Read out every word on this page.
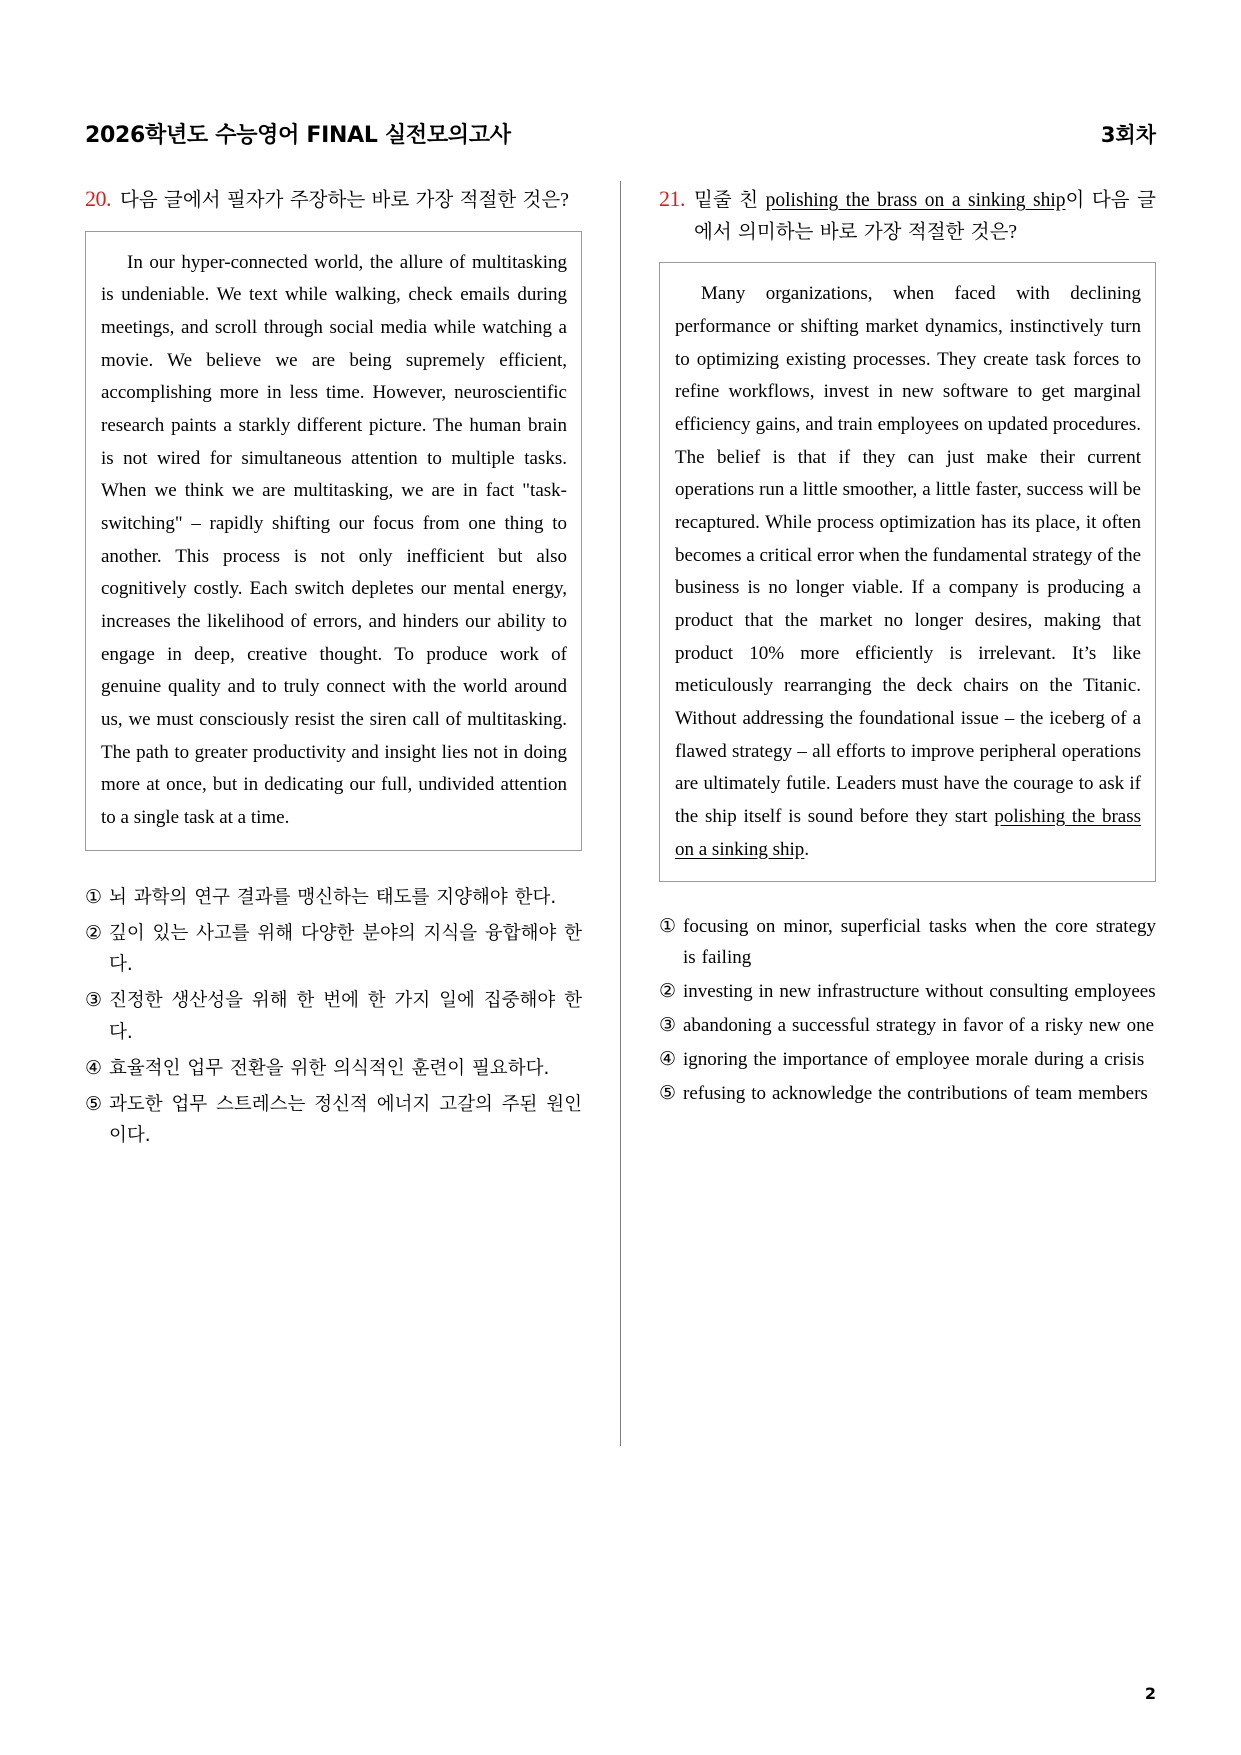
2026학년도 수능영어 FINAL 실전모의고사	3회차
20. 다음 글에서 필자가 주장하는 바로 가장 적절한 것은?

In our hyper-connected world, the allure of multitasking is undeniable. We text while walking, check emails during meetings, and scroll through social media while watching a movie. We believe we are being supremely efficient, accomplishing more in less time. However, neuroscientific research paints a starkly different picture. The human brain is not wired for simultaneous attention to multiple tasks. When we think we are multitasking, we are in fact "task-switching" – rapidly shifting our focus from one thing to another. This process is not only inefficient but also cognitively costly. Each switch depletes our mental energy, increases the likelihood of errors, and hinders our ability to engage in deep, creative thought. To produce work of genuine quality and to truly connect with the world around us, we must consciously resist the siren call of multitasking. The path to greater productivity and insight lies not in doing more at once, but in dedicating our full, undivided attention to a single task at a time.

① 뇌 과학의 연구 결과를 맹신하는 태도를 지양해야 한다.
② 깊이 있는 사고를 위해 다양한 분야의 지식을 융합해야 한다.
③ 진정한 생산성을 위해 한 번에 한 가지 일에 집중해야 한다.
④ 효율적인 업무 전환을 위한 의식적인 훈련이 필요하다.
⑤ 과도한 업무 스트레스는 정신적 에너지 고갈의 주된 원인이다.
21. 밑줄 친 polishing the brass on a sinking ship이 다음 글에서 의미하는 바로 가장 적절한 것은?

Many organizations, when faced with declining performance or shifting market dynamics, instinctively turn to optimizing existing processes. They create task forces to refine workflows, invest in new software to get marginal efficiency gains, and train employees on updated procedures. The belief is that if they can just make their current operations run a little smoother, a little faster, success will be recaptured. While process optimization has its place, it often becomes a critical error when the fundamental strategy of the business is no longer viable. If a company is producing a product that the market no longer desires, making that product 10% more efficiently is irrelevant. It’s like meticulously rearranging the deck chairs on the Titanic. Without addressing the foundational issue – the iceberg of a flawed strategy – all efforts to improve peripheral operations are ultimately futile. Leaders must have the courage to ask if the ship itself is sound before they start polishing the brass on a sinking ship.

① focusing on minor, superficial tasks when the core strategy is failing
② investing in new infrastructure without consulting employees
③ abandoning a successful strategy in favor of a risky new one
④ ignoring the importance of employee morale during a crisis
⑤ refusing to acknowledge the contributions of team members
2
